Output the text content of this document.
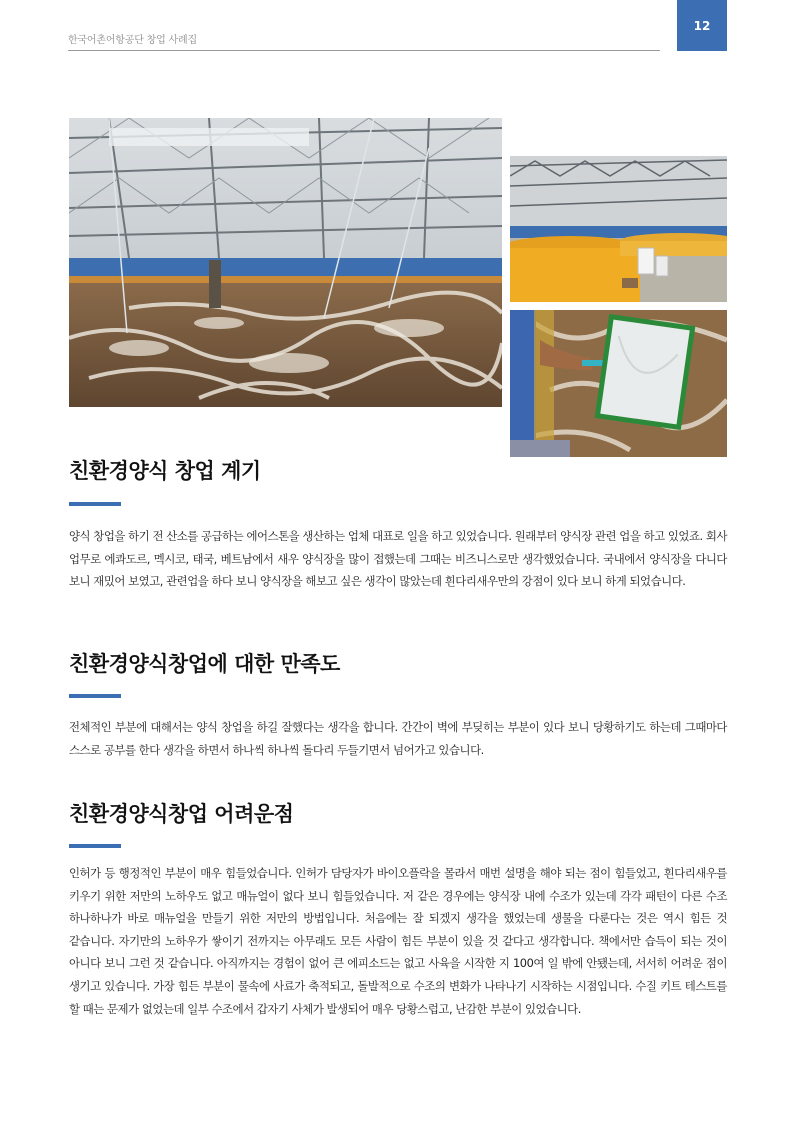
한국어촌어항공단 창업 사례집
12
친환경양식 창업 계기

양식 창업을 하기 전 산소를 공급하는 에어스톤을 생산하는 업체 대표로 일을 하고 있었습니다. 원래부터 양식장 관련 업을 하고 있었죠. 회사 업무로 에콰도르, 멕시코, 태국, 베트남에서 새우 양식장을 많이 접했는데 그때는 비즈니스로만 생각했었습니다. 국내에서 양식장을 다니다 보니 재밌어 보였고, 관련업을 하다 보니 양식장을 해보고 싶은 생각이 많았는데 흰다리새우만의 강점이 있다 보니 하게 되었습니다.

친환경양식창업에 대한 만족도

전체적인 부분에 대해서는 양식 창업을 하길 잘했다는 생각을 합니다. 간간이 벽에 부딪히는 부분이 있다 보니 당황하기도 하는데 그때마다 스스로 공부를 한다 생각을 하면서 하나씩 하나씩 돌다리 두들기면서 넘어가고 있습니다.

친환경양식창업 어려운점

인허가 등 행정적인 부분이 매우 힘들었습니다. 인허가 담당자가 바이오플락을 몰라서 매번 설명을 해야 되는 점이 힘들었고, 흰다리새우를 키우기 위한 저만의 노하우도 없고 매뉴얼이 없다 보니 힘들었습니다. 저 같은 경우에는 양식장 내에 수조가 있는데 각각 패턴이 다른 수조 하나하나가 바로 매뉴얼을 만들기 위한 저만의 방법입니다. 처음에는 잘 되겠지 생각을 했었는데 생물을 다룬다는 것은 역시 힘든 것 같습니다. 자기만의 노하우가 쌓이기 전까지는 아무래도 모든 사람이 힘든 부분이 있을 것 같다고 생각합니다. 책에서만 습득이 되는 것이 아니다 보니 그런 것 같습니다. 아직까지는 경험이 없어 큰 에피소드는 없고 사육을 시작한 지 100여 일 밖에 안됐는데, 서서히 어려운 점이 생기고 있습니다. 가장 힘든 부분이 물속에 사료가 축적되고, 돌발적으로 수조의 변화가 나타나기 시작하는 시점입니다. 수질 키트 테스트를 할 때는 문제가 없었는데 일부 수조에서 갑자기 사체가 발생되어 매우 당황스럽고, 난감한 부분이 있었습니다.
